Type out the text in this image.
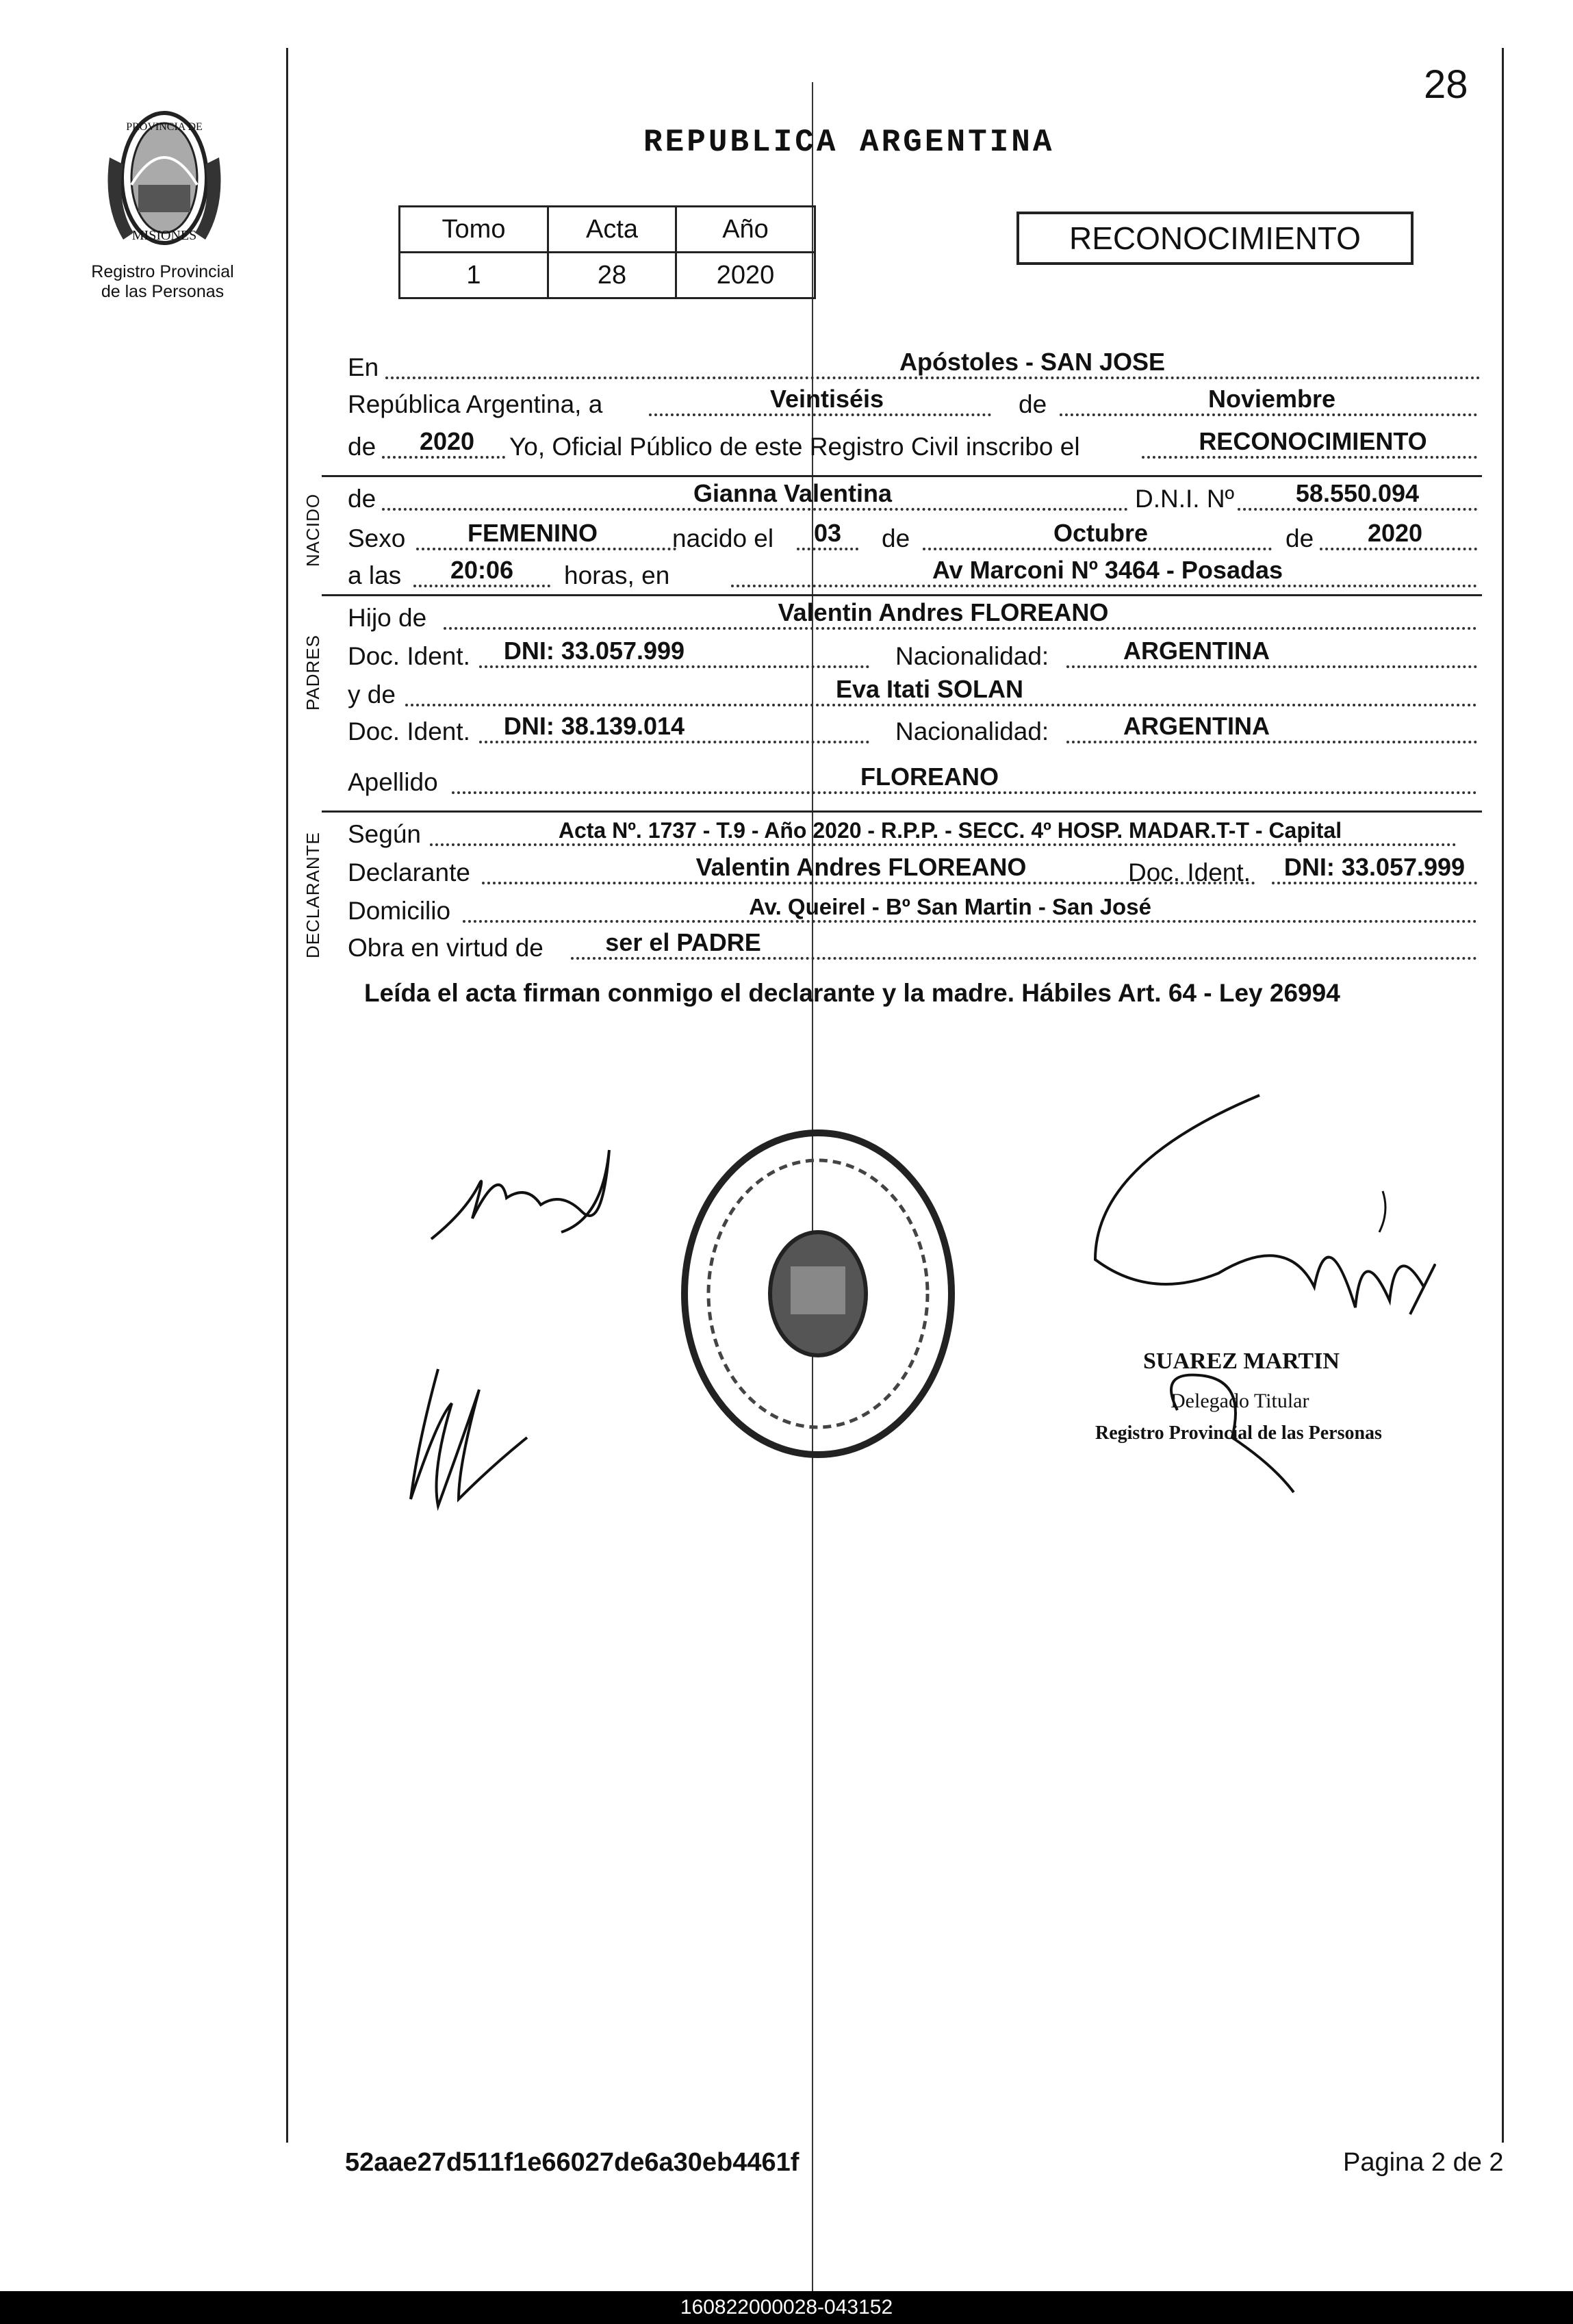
28
PROVINCIA DE
MISIONES
Registro Provincial
de las Personas
REPUBLICA ARGENTINA
Tomo	Acta	Año
1	28	2020
RECONOCIMIENTO
En	Apóstoles - SAN JOSE
República Argentina, a	Veintiséis	de	Noviembre
de	2020	Yo, Oficial Público de este Registro Civil inscribo el	RECONOCIMIENTO
NACIDO de	Gianna Valentina	D.N.I. Nº	58.550.094
Sexo	FEMENINO	nacido el	03	de	Octubre	de	2020
a las	20:06	horas, en	Av Marconi Nº 3464 - Posadas
PADRES
Hijo de	Valentin Andres FLOREANO
Doc. Ident.	DNI: 33.057.999	Nacionalidad:	ARGENTINA
y de	Eva Itati SOLAN
Doc. Ident.	DNI: 38.139.014	Nacionalidad:	ARGENTINA
Apellido	FLOREANO
DECLARANTE Según	Acta Nº. 1737 - T.9 - Año 2020 - R.P.P. - SECC. 4º HOSP. MADAR.T-T - Capital
Declarante	Valentin Andres FLOREANO	Doc. Ident.	DNI: 33.057.999
Domicilio	Av. Queirel - Bº San Martin - San José
Obra en virtud de	ser el PADRE
Leída el acta firman conmigo el declarante y la madre. Hábiles Art. 64 - Ley 26994
SUAREZ MARTIN
Delegado Titular
Registro Provincial de las Personas
52aae27d511f1e66027de6a30eb4461f	Pagina 2 de 2
160822000028-043152
